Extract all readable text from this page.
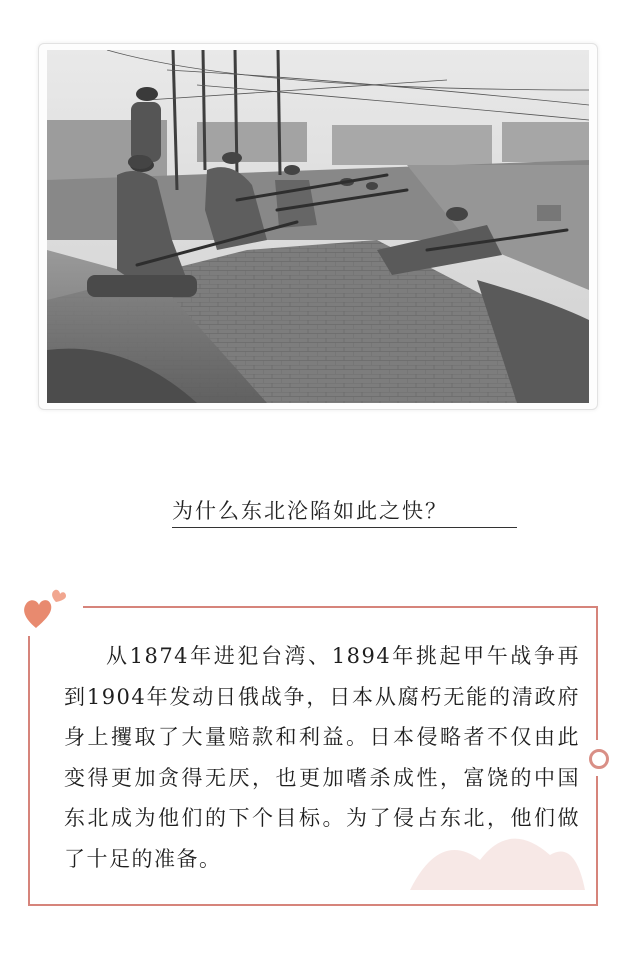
为什么东北沦陷如此之快？

从1874年进犯台湾、1894年挑起甲午战争再到1904年发动日俄战争，日本从腐朽无能的清政府身上攫取了大量赔款和利益。日本侵略者不仅由此变得更加贪得无厌，也更加嗜杀成性，富饶的中国东北成为他们的下个目标。为了侵占东北，他们做了十足的准备。
